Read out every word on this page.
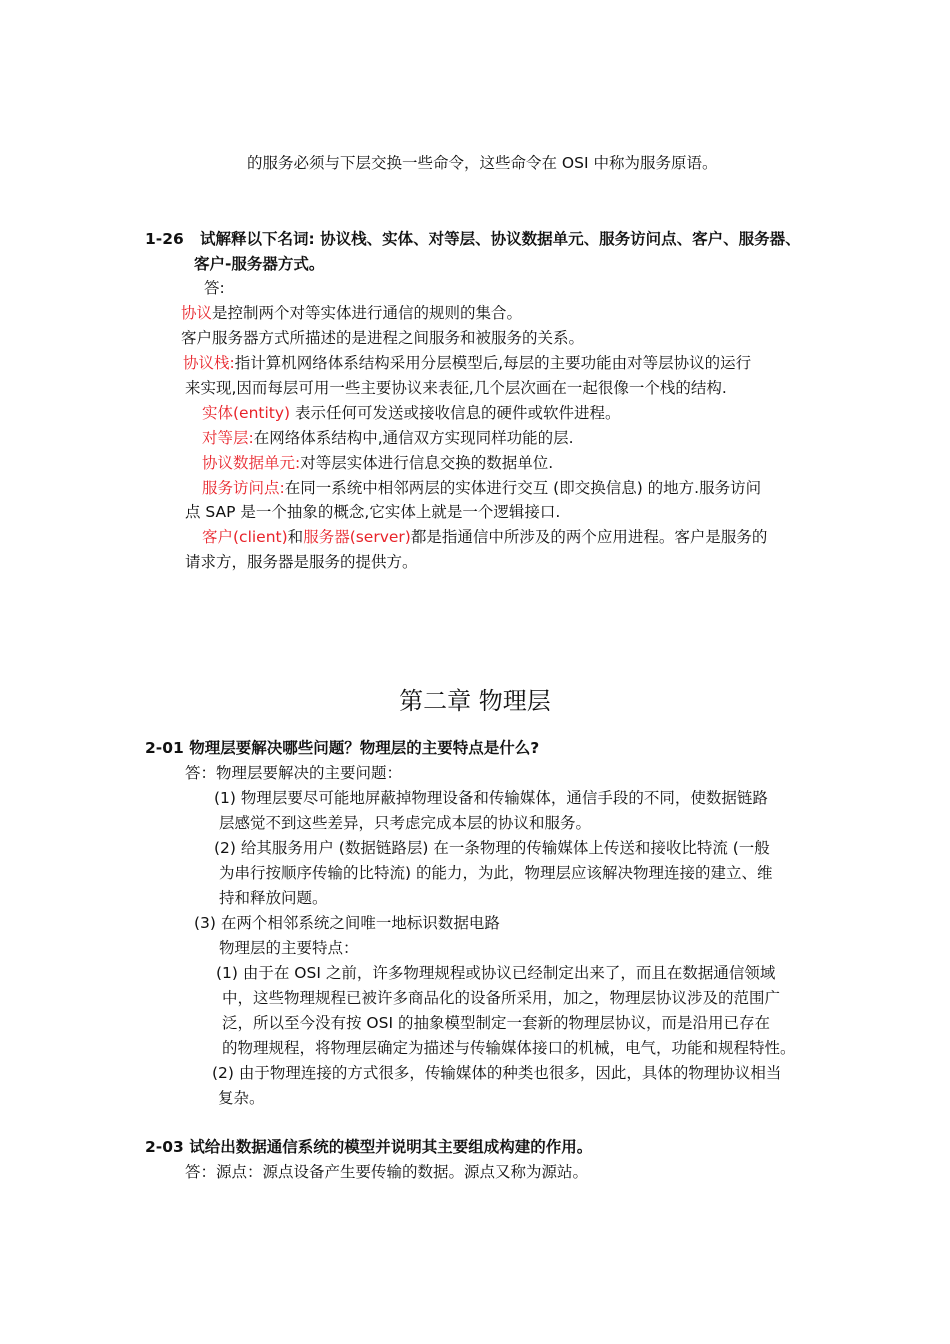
的服务必须与下层交换一些命令，这些命令在 OSI 中称为服务原语。
1-26 试解释以下名词: 协议栈、实体、对等层、协议数据单元、服务访问点、客户、服务器、
客户-服务器方式。
答:
协议是控制两个对等实体进行通信的规则的集合。
客户服务器方式所描述的是进程之间服务和被服务的关系。
协议栈:指计算机网络体系结构采用分层模型后,每层的主要功能由对等层协议的运行
来实现,因而每层可用一些主要协议来表征,几个层次画在一起很像一个栈的结构.
实体(entity) 表示任何可发送或接收信息的硬件或软件进程。
对等层:在网络体系结构中,通信双方实现同样功能的层.
协议数据单元:对等层实体进行信息交换的数据单位.
服务访问点:在同一系统中相邻两层的实体进行交互 (即交换信息) 的地方.服务访问
点 SAP 是一个抽象的概念,它实体上就是一个逻辑接口.
客户(client)和服务器(server)都是指通信中所涉及的两个应用进程。客户是服务的
请求方，服务器是服务的提供方。
第二章 物理层
2-01 物理层要解决哪些问题？物理层的主要特点是什么?
答：物理层要解决的主要问题：
(1) 物理层要尽可能地屏蔽掉物理设备和传输媒体，通信手段的不同，使数据链路
层感觉不到这些差异，只考虑完成本层的协议和服务。
(2) 给其服务用户 (数据链路层) 在一条物理的传输媒体上传送和接收比特流 (一般
为串行按顺序传输的比特流) 的能力，为此，物理层应该解决物理连接的建立、维
持和释放问题。
(3) 在两个相邻系统之间唯一地标识数据电路
物理层的主要特点：
(1) 由于在 OSI 之前，许多物理规程或协议已经制定出来了，而且在数据通信领域
中，这些物理规程已被许多商品化的设备所采用，加之，物理层协议涉及的范围广
泛，所以至今没有按 OSI 的抽象模型制定一套新的物理层协议，而是沿用已存在
的物理规程，将物理层确定为描述与传输媒体接口的机械，电气，功能和规程特性。
(2) 由于物理连接的方式很多，传输媒体的种类也很多，因此，具体的物理协议相当
复杂。
2-03 试给出数据通信系统的模型并说明其主要组成构建的作用。
答：源点：源点设备产生要传输的数据。源点又称为源站。
